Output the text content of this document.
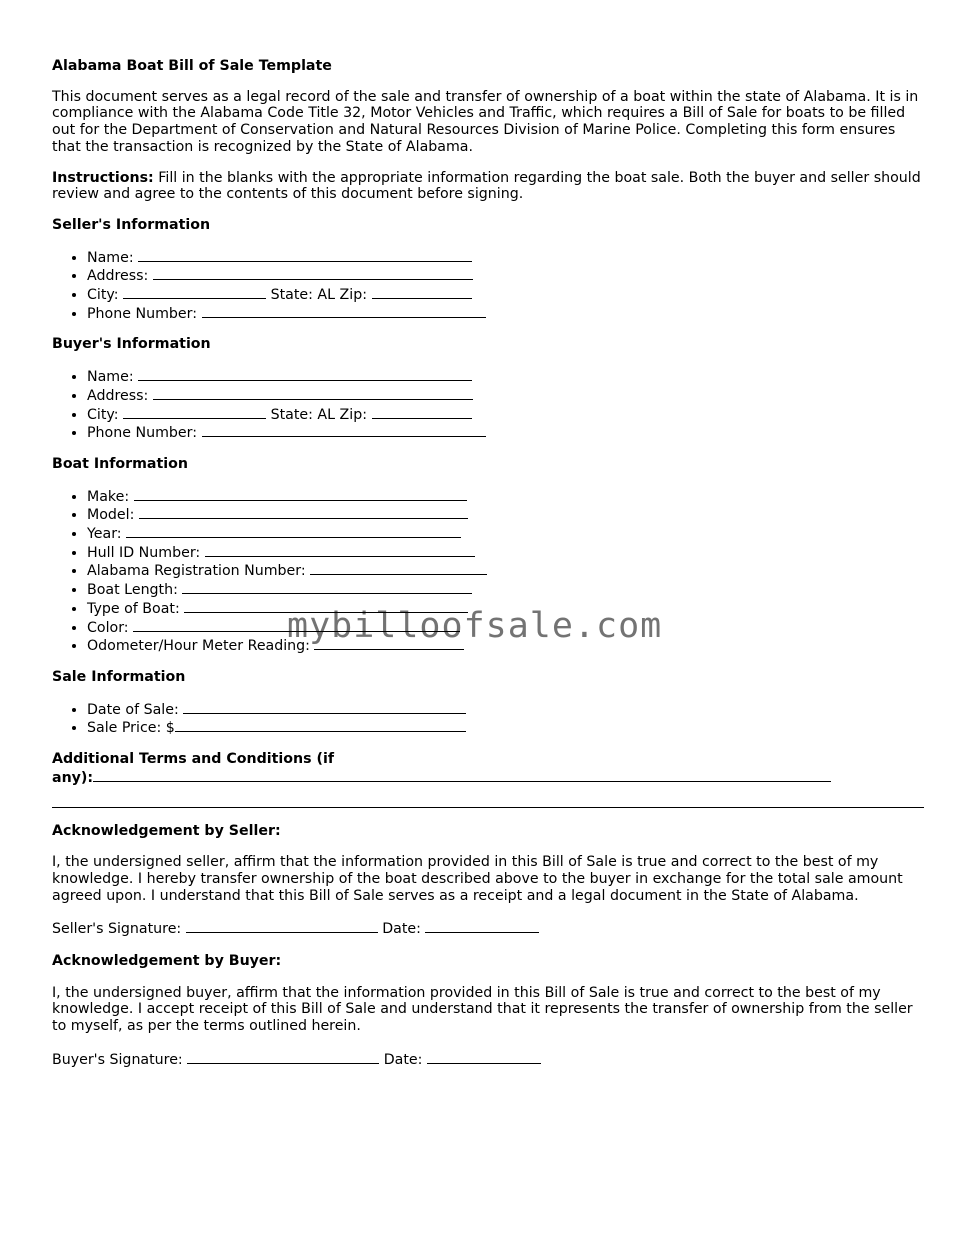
Alabama Boat Bill of Sale Template

This document serves as a legal record of the sale and transfer of ownership of a boat within the state of Alabama. It is in compliance with the Alabama Code Title 32, Motor Vehicles and Traffic, which requires a Bill of Sale for boats to be filled out for the Department of Conservation and Natural Resources Division of Marine Police. Completing this form ensures that the transaction is recognized by the State of Alabama.

Instructions: Fill in the blanks with the appropriate information regarding the boat sale. Both the buyer and seller should review and agree to the contents of this document before signing.

Seller's Information
• Name:
• Address:
• City:	State: AL Zip:
• Phone Number:
Buyer's Information
• Name:
• Address:
• City:	State: AL Zip:
• Phone Number:
Boat Information
• Make:
• Model:
• Year:
• Hull ID Number:
• Alabama Registration Number:
• Boat Length:
• Type of Boat:
• Color:
• Odometer/Hour Meter Reading:
Sale Information
• Date of Sale:
• Sale Price: $
Additional Terms and Conditions (if
any):
Acknowledgement by Seller:

I, the undersigned seller, affirm that the information provided in this Bill of Sale is true and correct to the best of my knowledge. I hereby transfer ownership of the boat described above to the buyer in exchange for the total sale amount agreed upon. I understand that this Bill of Sale serves as a receipt and a legal document in the State of Alabama.

Seller's Signature:	Date:

Acknowledgement by Buyer:

I, the undersigned buyer, affirm that the information provided in this Bill of Sale is true and correct to the best of my knowledge. I accept receipt of this Bill of Sale and understand that it represents the transfer of ownership from the seller to myself, as per the terms outlined herein.

Buyer's Signature:	Date:

mybilloofsale.com
